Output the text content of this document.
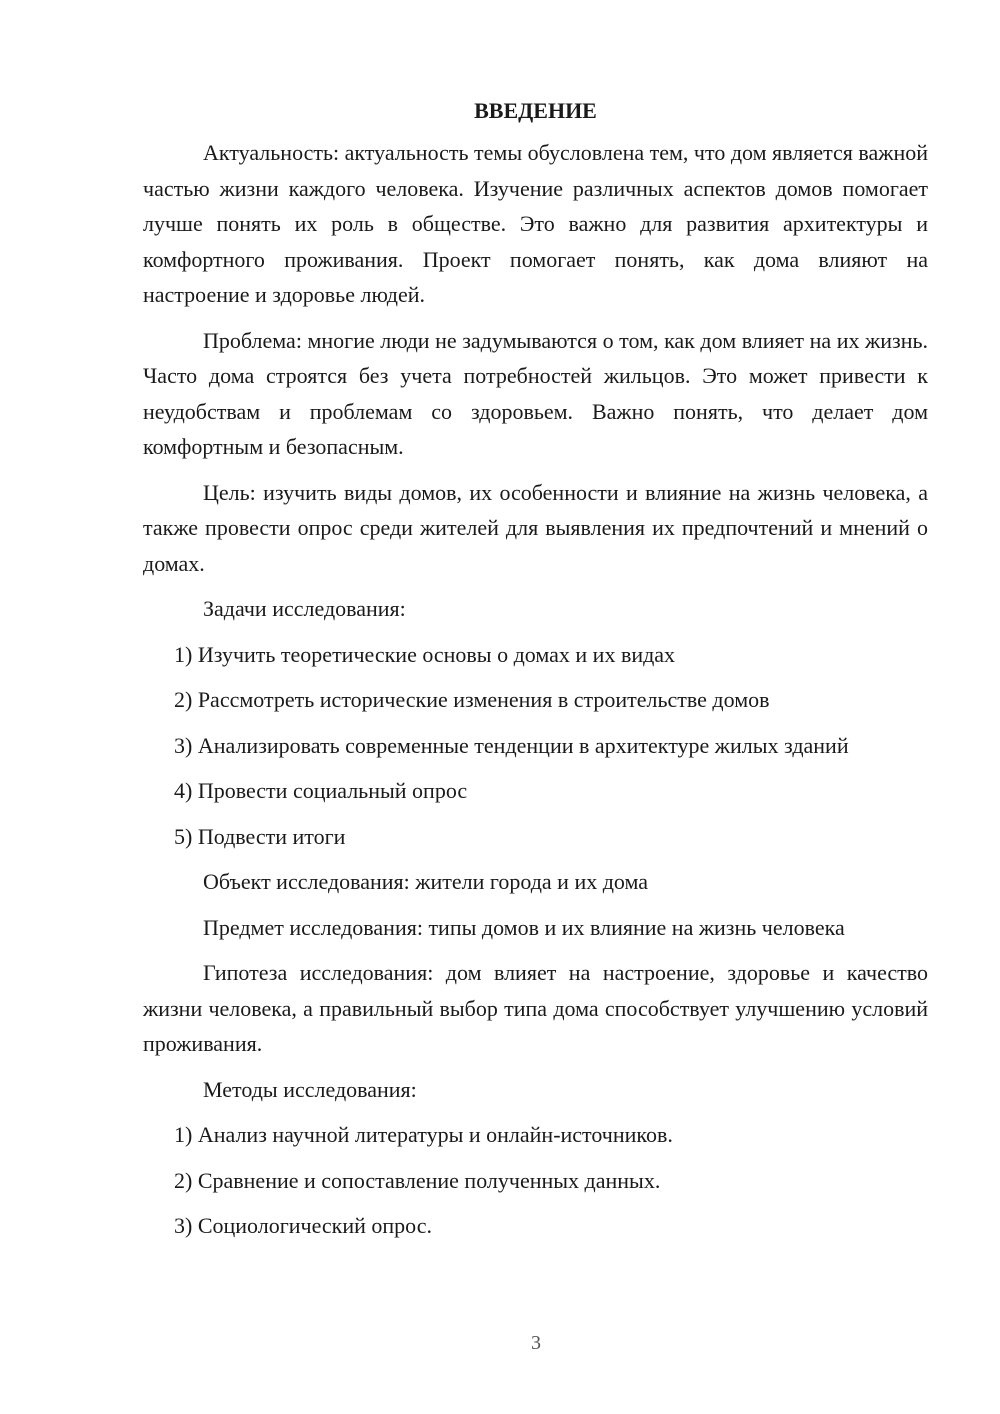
ВВЕДЕНИЕ

Актуальность: актуальность темы обусловлена тем, что дом является важной частью жизни каждого человека. Изучение различных аспектов домов помогает лучше понять их роль в обществе. Это важно для развития архитектуры и комфортного проживания. Проект помогает понять, как дома влияют на настроение и здоровье людей.

Проблема: многие люди не задумываются о том, как дом влияет на их жизнь. Часто дома строятся без учета потребностей жильцов. Это может привести к неудобствам и проблемам со здоровьем. Важно понять, что делает дом комфортным и безопасным.

Цель: изучить виды домов, их особенности и влияние на жизнь человека, а также провести опрос среди жителей для выявления их предпочтений и мнений о домах.

Задачи исследования:

1) Изучить теоретические основы о домах и их видах

2) Рассмотреть исторические изменения в строительстве домов

3) Анализировать современные тенденции в архитектуре жилых зданий

4) Провести социальный опрос

5) Подвести итоги

Объект исследования: жители города и их дома

Предмет исследования: типы домов и их влияние на жизнь человека

Гипотеза исследования: дом влияет на настроение, здоровье и качество жизни человека, а правильный выбор типа дома способствует улучшению условий проживания.

Методы исследования:

1) Анализ научной литературы и онлайн-источников.

2) Сравнение и сопоставление полученных данных.

3) Социологический опрос.

3
